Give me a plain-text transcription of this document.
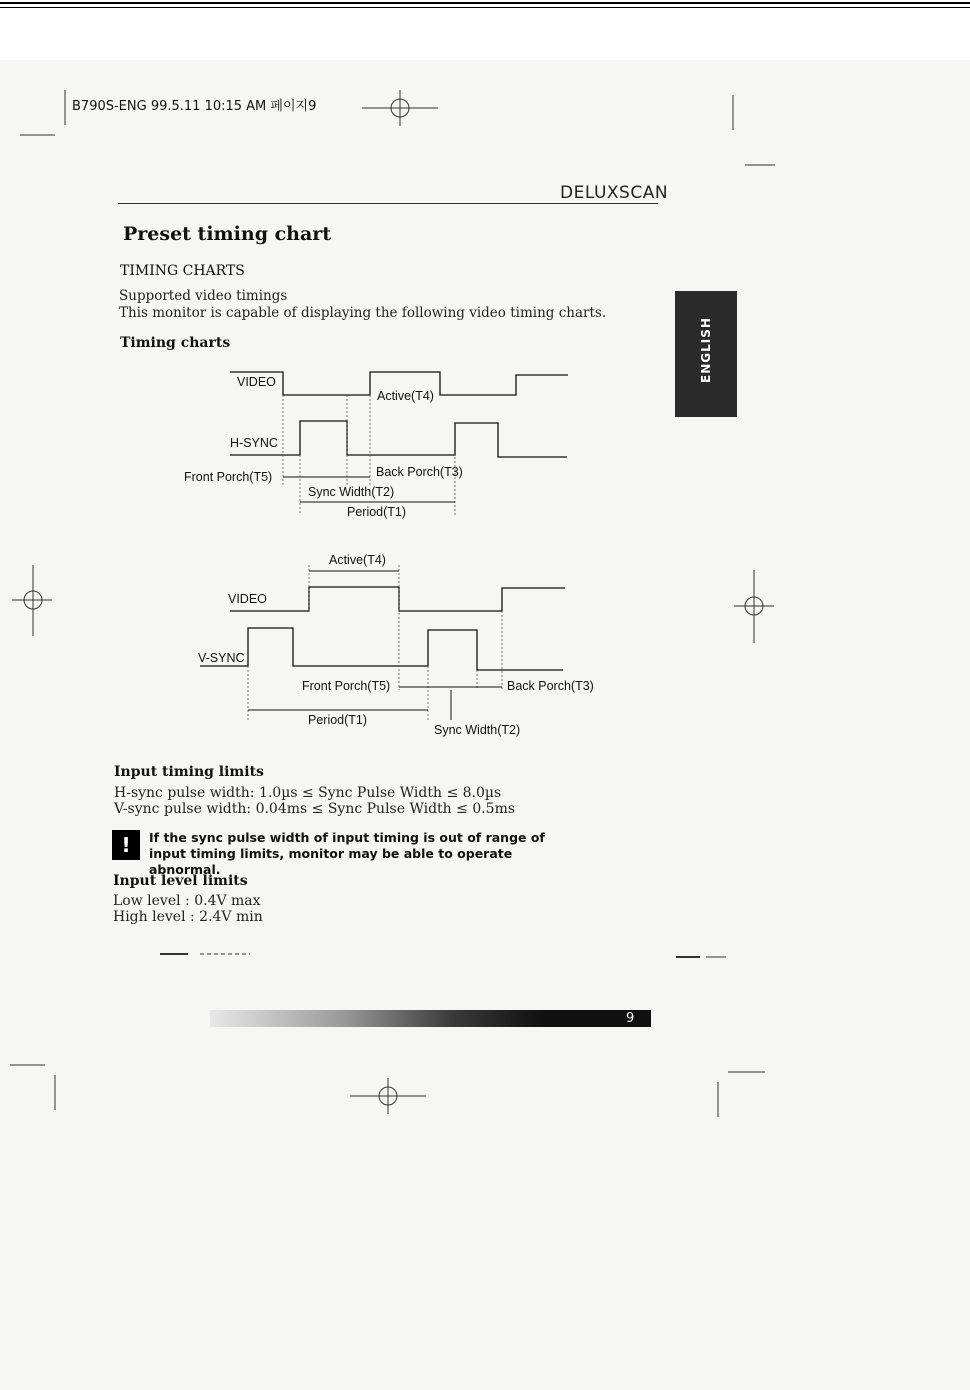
B790S-ENG 99.5.11 10:15 AM 페이지9
DELUXSCAN
Preset timing chart
TIMING CHARTS
Supported video timings
This monitor is capable of displaying the following video timing charts.
Timing charts	ENGLISH
VIDEO
Active(T4)
H-SYNC
Front Porch(T5)	Back Porch(T3)
Sync Width(T2)
Period(T1)
Active(T4)
VIDEO
V-SYNC
Front Porch(T5)	Back Porch(T3)
Period(T1)
Sync Width(T2)
Input timing limits
H-sync pulse width: 1.0µs ≤ Sync Pulse Width ≤ 8.0µs
V-sync pulse width: 0.04ms ≤ Sync Pulse Width ≤ 0.5ms
!	If the sync pulse width of input timing is out of range of input timing limits, monitor may be able to operate abnormal.
Input level limits
Low level : 0.4V max
High level : 2.4V min
9
